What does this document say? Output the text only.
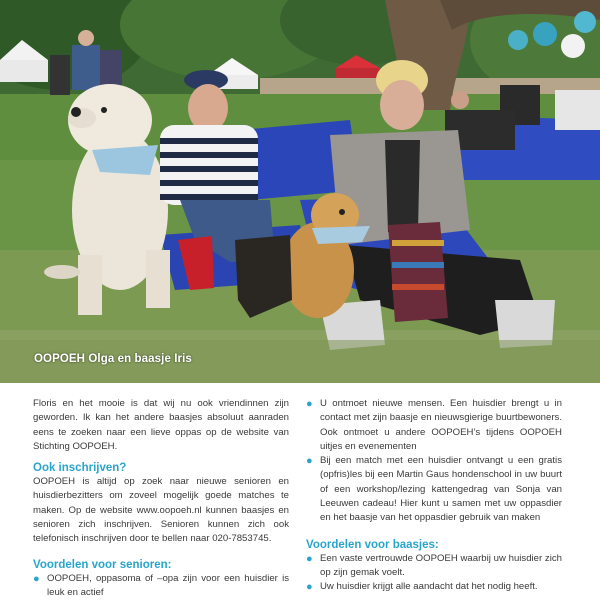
OOPOEH Olga en baasje Iris

Floris en het mooie is dat wij nu ook vriendinnen zijn geworden. Ik kan het andere baasjes absoluut aanraden eens te zoeken naar een lieve oppas op de website van Stichting OOPOEH.

Ook inschrijven?

OOPOEH is altijd op zoek naar nieuwe senioren en huisdierbezitters om zoveel mogelijk goede matches te maken. Op de website www.oopoeh.nl kunnen baasjes en senioren zich inschrijven. Senioren kunnen zich ook telefonisch inschrijven door te bellen naar 020-7853745.

Voordelen voor senioren:
● OOPOEH, oppasoma of –opa zijn voor een huisdier is leuk en actief
● U ontmoet nieuwe mensen. Een huisdier brengt u in contact met zijn baasje en nieuwsgierige buurtbewoners. Ook ontmoet u andere OOPOEH’s tijdens OOPOEH uitjes en evenementen
● Bij een match met een huisdier ontvangt u een gratis (opfris)les bij een Martin Gaus hondenschool in uw buurt of een workshop/lezing kattengedrag van Sonja van Leeuwen cadeau! Hier kunt u samen met uw oppasdier en het baasje van het oppasdier gebruik van maken
Voordelen voor baasjes:
● Een vaste vertrouwde OOPOEH waarbij uw huisdier zich op zijn gemak voelt.
● Uw huisdier krijgt alle aandacht dat het nodig heeft.
